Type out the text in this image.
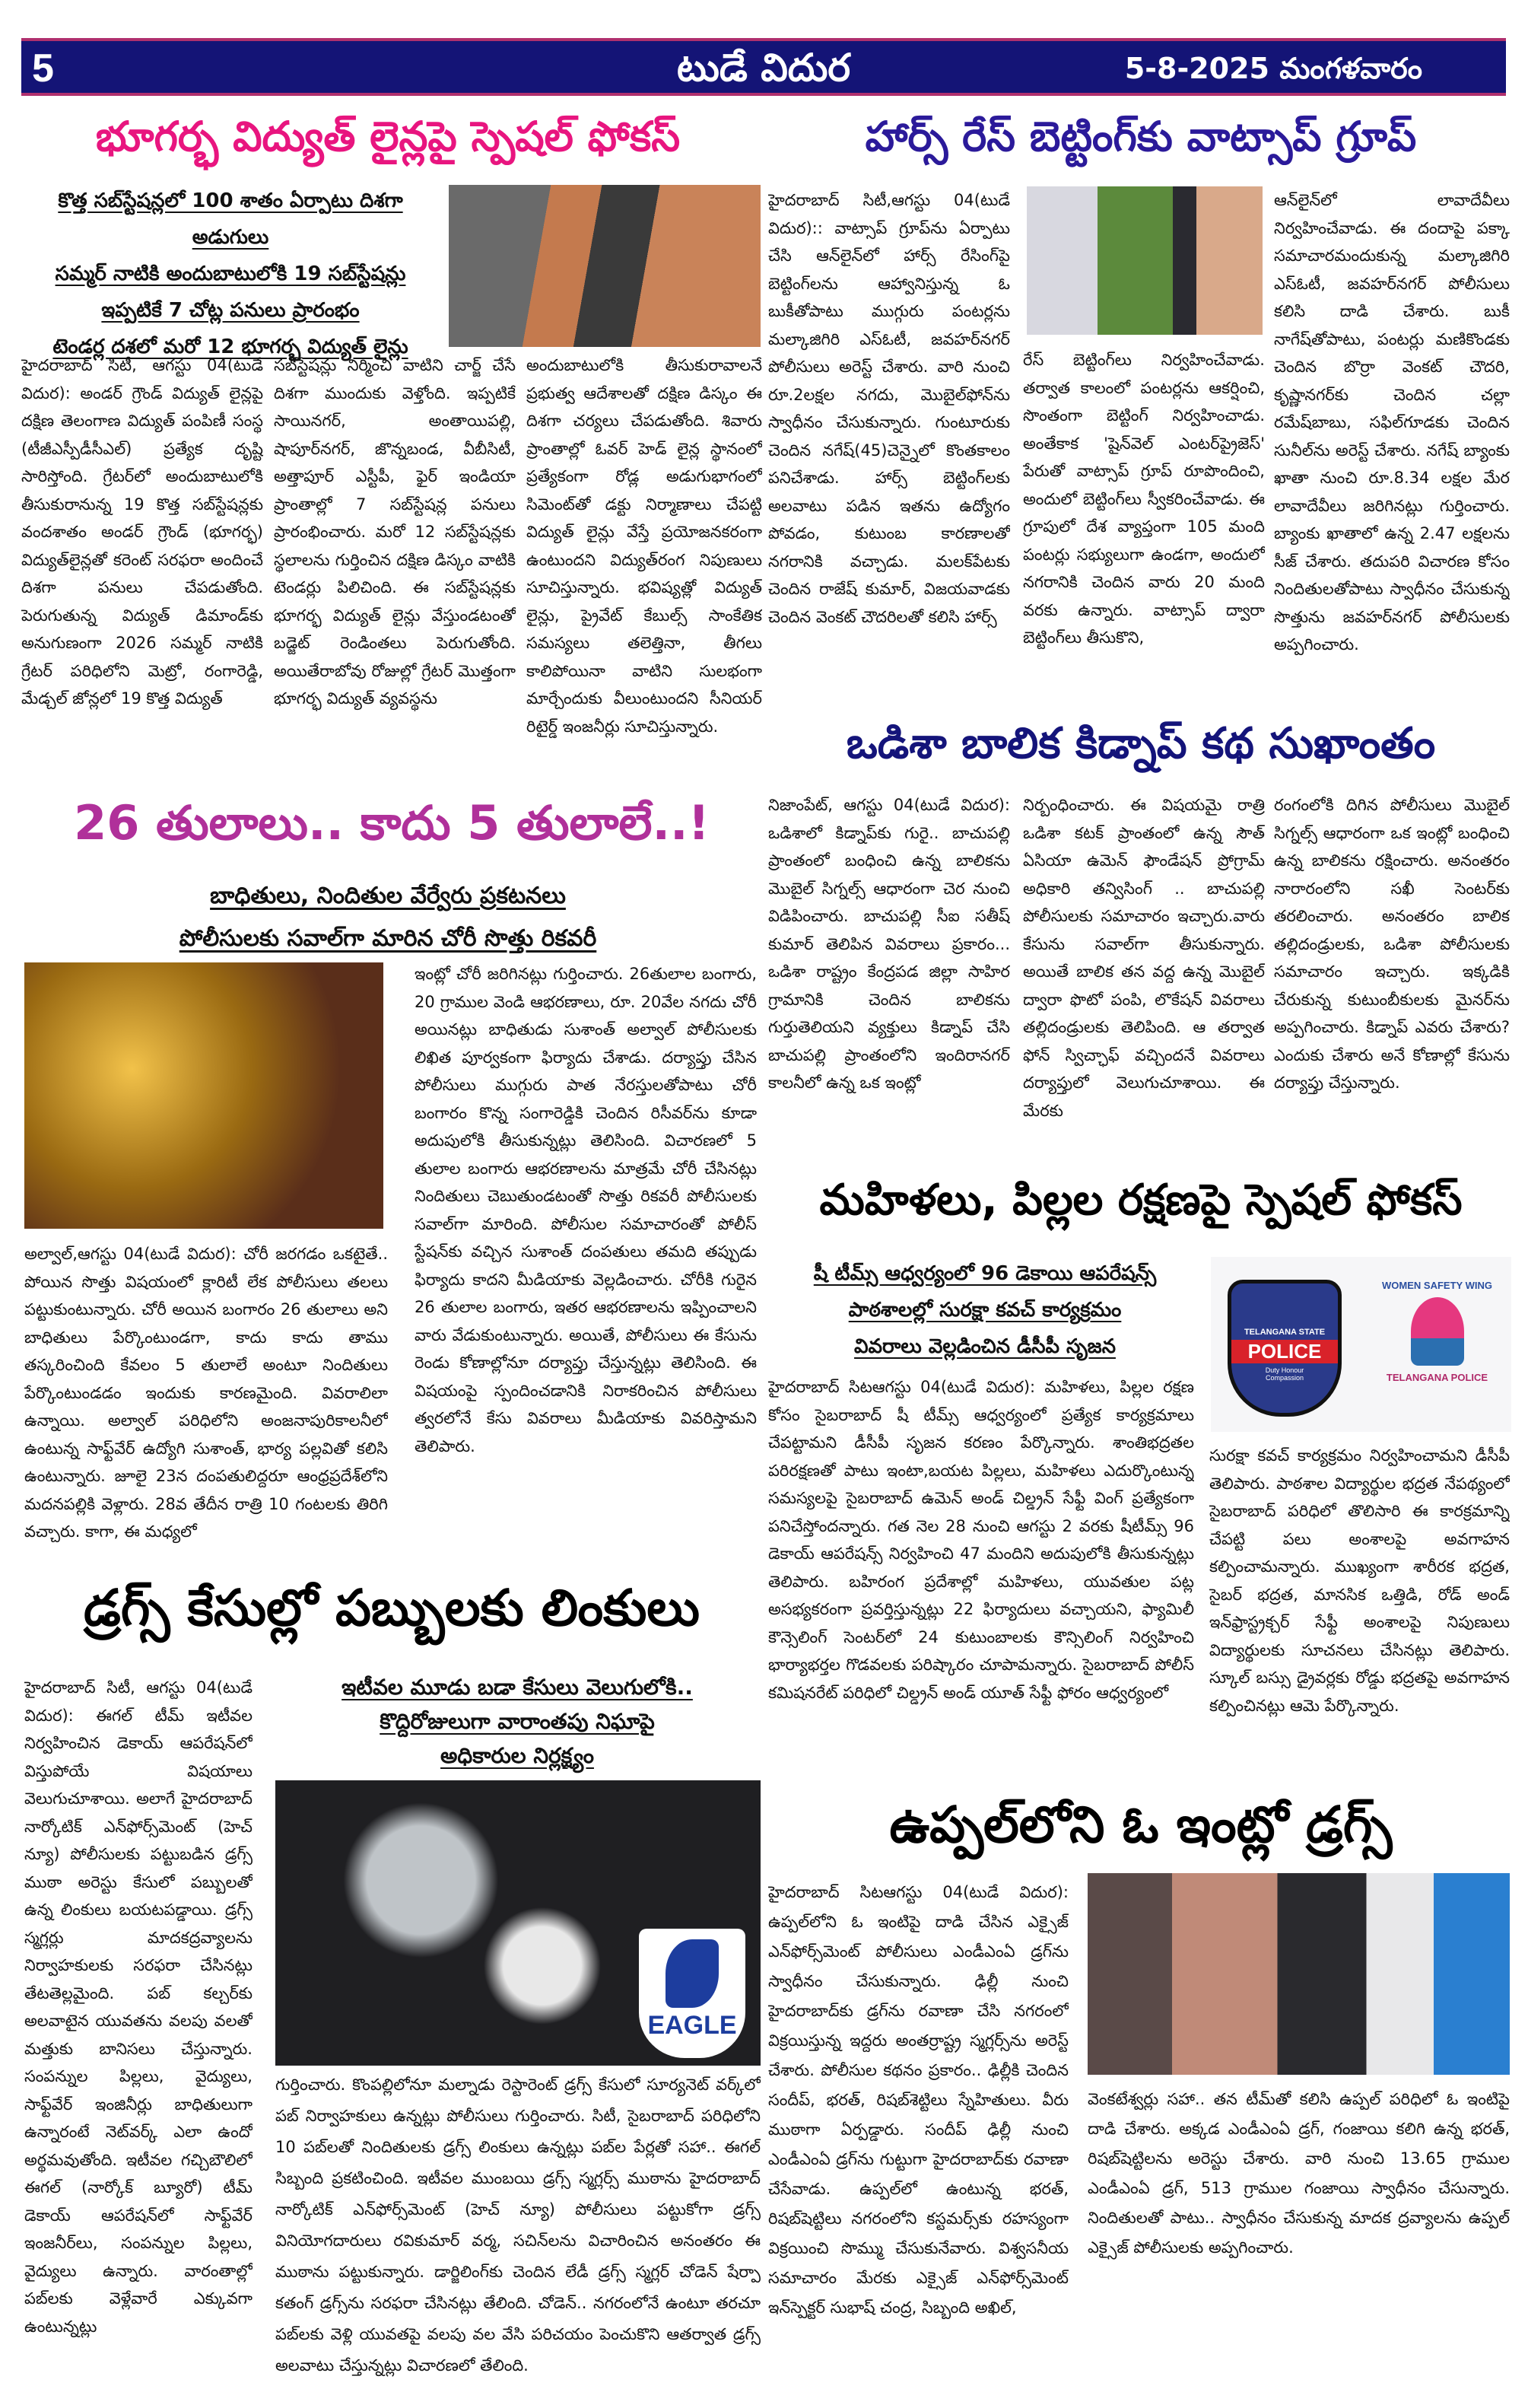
5	టుడే విదుర	5-8-2025 మంగళవారం
భూగర్భ విద్యుత్ లైన్లపై స్పెషల్ ఫోకస్
కొత్త సబ్‌స్టేషన్లలో 100 శాతం ఏర్పాటు దిశగా అడుగులు
సమ్మర్ నాటికి అందుబాటులోకి 19 సబ్‌స్టేషన్లు
ఇప్పటికే 7 చోట్ల పనులు ప్రారంభం
టెండర్ల దశలో మరో 12 భూగర్భ విద్యుత్ లైన్లు
హైదరాబాద్ సిటీ, ఆగస్టు 04(టుడే విదుర): అండర్ గ్రౌండ్ విద్యుత్ లైన్లపై దక్షిణ తెలంగాణ విద్యుత్ పంపిణీ సంస్థ (టీజీఎస్పీడీసీఎల్) ప్రత్యేక దృష్టి సారిస్తోంది. గ్రేటర్‌లో అందుబాటులోకి తీసుకురానున్న 19 కొత్త సబ్‌స్టేషన్లకు వందశాతం అండర్ గ్రౌండ్ (భూగర్భ) విద్యుత్‌లైన్లతో కరెంట్ సరఫరా అందించే దిశగా పనులు చేపడుతోంది. పెరుగుతున్న విద్యుత్ డిమాండ్‌కు అనుగుణంగా 2026 సమ్మర్ నాటికి గ్రేటర్ పరిధిలోని మెట్రో, రంగారెడ్డి, మేడ్చల్ జోన్లలో 19 కొత్త విద్యుత్
సబ్‌స్టేషన్లు నిర్మించి వాటిని చార్జ్ చేసే దిశగా ముందుకు వెళ్తోంది. ఇప్పటికే సాయినగర్, అంతాయిపల్లి, షాపూర్‌నగర్, జొన్నబండ, వీబీసిటీ, అత్తాపూర్ ఎస్టీపీ, ఫైర్ ఇండియా ప్రాంతాల్లో 7 సబ్‌స్టేషన్ల పనులు ప్రారంభించారు. మరో 12 సబ్‌స్టేషన్లకు స్థలాలను గుర్తించిన దక్షిణ డిస్కం వాటికి టెండర్లు పిలిచింది. ఈ సబ్‌స్టేషన్లకు భూగర్భ విద్యుత్ లైన్లు వేస్తుండటంతో బడ్జెట్ రెండింతలు పెరుగుతోంది. అయితేరాబోవు రోజుల్లో గ్రేటర్ మొత్తంగా భూగర్భ విద్యుత్ వ్యవస్థను
అందుబాటులోకి తీసుకురావాలనే ప్రభుత్వ ఆదేశాలతో దక్షిణ డిస్కం ఈ దిశగా చర్యలు చేపడుతోంది. శివారు ప్రాంతాల్లో ఓవర్ హెడ్ లైన్ల స్థానంలో ప్రత్యేకంగా రోడ్ల అడుగుభాగంలో సిమెంట్‌తో డక్టు నిర్మాణాలు చేపట్టి విద్యుత్ లైన్లు వేస్తే ప్రయోజనకరంగా ఉంటుందని విద్యుత్‌రంగ నిపుణులు సూచిస్తున్నారు. భవిష్యత్లో విద్యుత్ లైన్లు, ప్రైవేట్ కేబుల్స్ సాంకేతిక సమస్యలు తలెత్తినా, తీగలు కాలిపోయినా వాటిని సులభంగా మార్చేందుకు వీలుంటుందని సీనియర్ రిటైర్డ్ ఇంజనీర్లు సూచిస్తున్నారు.
హార్స్ రేస్ బెట్టింగ్‌కు వాట్సాప్ గ్రూప్
హైదరాబాద్ సిటీ,ఆగస్టు 04(టుడే విదుర):: వాట్సాప్ గ్రూప్‌ను ఏర్పాటు చేసి ఆన్‌లైన్‌లో హార్స్ రేసింగ్‌పై బెట్టింగ్‌లను ఆహ్వానిస్తున్న ఓ బుకీతోపాటు ముగ్గురు పంటర్లను మల్కాజిగిరి ఎస్ఓటీ, జవహర్‌నగర్ పోలీసులు అరెస్ట్ చేశారు. వారి నుంచి రూ.2లక్షల నగదు, మొబైల్‌ఫోన్‌ను స్వాధీనం చేసుకున్నారు. గుంటూరుకు చెందిన నగేష్(45)చెన్నైలో కొంతకాలం పనిచేశాడు. హార్స్ బెట్టింగ్‌లకు అలవాటు పడిన ఇతను ఉద్యోగం పోవడం, కుటుంబ కారణాలతో నగరానికి వచ్చాడు. మలక్‌పేటకు చెందిన రాజేష్ కుమార్, విజయవాడకు చెందిన వెంకట్ చౌదరిలతో కలిసి హార్స్
రేస్ బెట్టింగ్‌లు నిర్వహించేవాడు. తర్వాత కాలంలో పంటర్లను ఆకర్షించి, సొంతంగా బెట్టింగ్ నిర్వహించాడు. అంతేకాక 'షైన్‌వెల్ ఎంటర్‌ప్రైజెస్' పేరుతో వాట్సాప్ గ్రూప్ రూపొందించి, అందులో బెట్టింగ్‌లు స్వీకరించేవాడు. ఈ గ్రూపులో దేశ వ్యాప్తంగా 105 మంది పంటర్లు సభ్యులుగా ఉండగా, అందులో నగరానికి చెందిన వారు 20 మంది వరకు ఉన్నారు. వాట్సాప్ ద్వారా బెట్టింగ్‌లు తీసుకొని,
ఆన్‌లైన్‌లో లావాదేవీలు నిర్వహించేవాడు. ఈ దందాపై పక్కా సమాచారమందుకున్న మల్కాజిగిరి ఎస్ఓటీ, జవహర్‌నగర్ పోలీసులు కలిసి దాడి చేశారు. బుకీ నాగేష్‌తోపాటు, పంటర్లు మణికొండకు చెందిన బొర్రా వెంకట్ చౌదరి, కృష్ణానగర్‌కు చెందిన చల్లా రమేష్‌బాబు, సఫిల్‌గూడకు చెందిన సునీల్‌ను అరెస్ట్ చేశారు. నగేష్ బ్యాంకు ఖాతా నుంచి రూ.8.34 లక్షల మేర లావాదేవీలు జరిగినట్లు గుర్తించారు. బ్యాంకు ఖాతాలో ఉన్న 2.47 లక్షలను సీజ్ చేశారు. తదుపరి విచారణ కోసం నిందితులతోపాటు స్వాధీనం చేసుకున్న సొత్తును జవహర్‌నగర్ పోలీసులకు అప్పగించారు.
ఒడిశా బాలిక కిడ్నాప్ కథ సుఖాంతం
నిజాంపేట్, ఆగస్టు 04(టుడే విదుర): ఒడిశాలో కిడ్నాప్‌కు గురై.. బాచుపల్లి ప్రాంతంలో బంధించి ఉన్న బాలికను మొబైల్ సిగ్నల్స్ ఆధారంగా చెర నుంచి విడిపించారు. బాచుపల్లి సీఐ సతీష్ కుమార్ తెలిపిన వివరాలు ప్రకారం... ఒడిశా రాష్ట్రం కేంద్రపడ జిల్లా సాహిర గ్రామానికి చెందిన బాలికను గుర్తుతెలియని వ్యక్తులు కిడ్నాప్ చేసి బాచుపల్లి ప్రాంతంలోని ఇందిరానగర్ కాలనీలో ఉన్న ఒక ఇంట్లో
నిర్బంధించారు. ఈ విషయమై రాత్రి ఒడిశా కటక్ ప్రాంతంలో ఉన్న సౌత్ ఏసియా ఉమెన్ ఫౌండేషన్ ప్రోగ్రామ్ అధికారి తన్విసింగ్ .. బాచుపల్లి పోలీసులకు సమాచారం ఇచ్చారు.వారు కేసును సవాల్‌గా తీసుకున్నారు. అయితే బాలిక తన వద్ద ఉన్న మొబైల్ ద్వారా ఫొటో పంపి, లొకేషన్ వివరాలు తల్లిదండ్రులకు తెలిపింది. ఆ తర్వాత ఫోన్ స్విచ్ఛాఫ్ వచ్చిందనే వివరాలు దర్యాప్తులో వెలుగుచూశాయి. ఈ మేరకు
రంగంలోకి దిగిన పోలీసులు మొబైల్ సిగ్నల్స్ ఆధారంగా ఒక ఇంట్లో బంధించి ఉన్న బాలికను రక్షించారు. అనంతరం నారారంలోని సఖీ సెంటర్‌కు తరలించారు. అనంతరం బాలిక తల్లిదండ్రులకు, ఒడిశా పోలీసులకు సమాచారం ఇచ్చారు. ఇక్కడికి చేరుకున్న కుటుంబీకులకు మైనర్‌ను అప్పగించారు. కిడ్నాప్ ఎవరు చేశారు? ఎందుకు చేశారు అనే కోణాల్లో కేసును దర్యాప్తు చేస్తున్నారు.
26 తులాలు.. కాదు 5 తులాలే..!
బాధితులు, నిందితుల వేర్వేరు ప్రకటనలు
పోలీసులకు సవాల్‌గా మారిన చోరీ సొత్తు రికవరీ
అల్వాల్,ఆగస్టు 04(టుడే విదుర): చోరీ జరగడం ఒకటైతే.. పోయిన సొత్తు విషయంలో క్లారిటీ లేక పోలీసులు తలలు పట్టుకుంటున్నారు. చోరీ అయిన బంగారం 26 తులాలు అని బాధితులు పేర్కొంటుండగా, కాదు కాదు తాము తస్కరించింది కేవలం 5 తులాలే అంటూ నిందితులు పేర్కొంటుండడం ఇందుకు కారణమైంది. వివరాలిలా ఉన్నాయి. అల్వాల్ పరిధిలోని అంజనాపురికాలనీలో ఉంటున్న సాఫ్ట్‌వేర్ ఉద్యోగి సుశాంత్, భార్య పల్లవితో కలిసి ఉంటున్నారు. జూలై 23న దంపతులిద్దరూ ఆంధ్రప్రదేశ్‌లోని మదనపల్లికి వెళ్లారు. 28వ తేదీన రాత్రి 10 గంటలకు తిరిగి వచ్చారు. కాగా, ఈ మధ్యలో
ఇంట్లో చోరీ జరిగినట్లు గుర్తించారు. 26తులాల బంగారు, 20 గ్రాముల వెండి ఆభరణాలు, రూ. 20వేల నగదు చోరీ అయినట్లు బాధితుడు సుశాంత్ అల్వాల్ పోలీసులకు లిఖిత పూర్వకంగా ఫిర్యాదు చేశాడు. దర్యాప్తు చేసిన పోలీసులు ముగ్గురు పాత నేరస్తులతోపాటు చోరీ బంగారం కొన్న సంగారెడ్డికి చెందిన రిసీవర్‌ను కూడా అదుపులోకి తీసుకున్నట్లు తెలిసింది. విచారణలో 5 తులాల బంగారు ఆభరణాలను మాత్రమే చోరీ చేసినట్లు నిందితులు చెబుతుండటంతో సొత్తు రికవరీ పోలీసులకు సవాల్‌గా మారింది. పోలీసుల సమాచారంతో పోలీస్ స్టేషన్‌కు వచ్చిన సుశాంత్ దంపతులు తమది తప్పుడు ఫిర్యాదు కాదని మీడియాకు వెల్లడించారు. చోరీకి గురైన 26 తులాల బంగారు, ఇతర ఆభరణాలను ఇప్పించాలని వారు వేడుకుంటున్నారు. అయితే, పోలీసులు ఈ కేసును రెండు కోణాల్లోనూ దర్యాప్తు చేస్తున్నట్లు తెలిసింది. ఈ విషయంపై స్పందించడానికి నిరాకరించిన పోలీసులు త్వరలోనే కేసు వివరాలు మీడియాకు వివరిస్తామని తెలిపారు.
మహిళలు, పిల్లల రక్షణపై స్పెషల్ ఫోకస్
షీ టీమ్స్ ఆధ్వర్యంలో 96 డెకాయి ఆపరేషన్స్
పాఠశాలల్లో సురక్షా కవచ్ కార్యక్రమం
వివరాలు వెల్లడించిన డీసీపీ సృజన
TELANGANA STATE
POLICE
Duty Honour Compassion
WOMEN SAFETY WING
TELANGANA POLICE
హైదరాబాద్ సిటఆగస్టు 04(టుడే విదుర): మహిళలు, పిల్లల రక్షణ కోసం సైబరాబాద్ షీ టీమ్స్ ఆధ్వర్యంలో ప్రత్యేక కార్యక్రమాలు చేపట్టామని డీసీపీ సృజన కరణం పేర్కొన్నారు. శాంతిభద్రతల పరిరక్షణతో పాటు ఇంటా,బయట పిల్లలు, మహిళలు ఎదుర్కొంటున్న సమస్యలపై సైబరాబాద్ ఉమెన్ అండ్ చిల్డ్రన్ సేఫ్టీ వింగ్ ప్రత్యేకంగా పనిచేస్తోందన్నారు. గత నెల 28 నుంచి ఆగస్టు 2 వరకు షీటీమ్స్ 96 డెకాయ్ ఆపరేషన్స్ నిర్వహించి 47 మందిని అదుపులోకి తీసుకున్నట్లు తెలిపారు. బహిరంగ ప్రదేశాల్లో మహిళలు, యువతుల పట్ల అసభ్యకరంగా ప్రవర్తిస్తున్నట్లు 22 ఫిర్యాదులు వచ్చాయని, ఫ్యామిలీ కౌన్సెలింగ్ సెంటర్‌లో 24 కుటుంబాలకు కౌన్సిలింగ్ నిర్వహించి భార్యాభర్తల గొడవలకు పరిష్కారం చూపామన్నారు. సైబరాబాద్ పోలీస్ కమిషనరేట్ పరిధిలో చిల్డ్రన్ అండ్ యూత్ సేఫ్టీ ఫోరం ఆధ్వర్యంలో
సురక్షా కవచ్ కార్యక్రమం నిర్వహించామని డీసీపీ తెలిపారు. పాఠశాల విద్యార్థుల భద్రత నేపథ్యంలో సైబరాబాద్ పరిధిలో తొలిసారి ఈ కారక్రమాన్ని చేపట్టి పలు అంశాలపై అవగాహన కల్పించామన్నారు. ముఖ్యంగా శారీరక భద్రత, సైబర్ భద్రత, మానసిక ఒత్తిడి, రోడ్ అండ్ ఇన్‌ఫ్రాస్ట్రక్చర్ సేఫ్టీ అంశాలపై నిపుణులు విద్యార్థులకు సూచనలు చేసినట్లు తెలిపారు. స్కూల్ బస్సు డ్రైవర్లకు రోడ్డు భద్రతపై అవగాహన కల్పించినట్లు ఆమె పేర్కొన్నారు.
డ్రగ్స్ కేసుల్లో పబ్బులకు లింకులు
హైదరాబాద్ సిటీ, ఆగస్టు 04(టుడే విదుర): ఈగల్ టీమ్ ఇటీవల నిర్వహించిన డెకాయ్ ఆపరేషన్‌లో విస్తుపోయే విషయాలు వెలుగుచూశాయి. అలాగే హైదరాబాద్ నార్కోటిక్ ఎన్‌ఫోర్స్‌మెంట్ (హెచ్ న్యూ) పోలీసులకు పట్టుబడిన డ్రగ్స్ ముఠా అరెస్టు కేసులో పబ్బులతో ఉన్న లింకులు బయటపడ్డాయి. డ్రగ్స్ స్మగ్లర్లు మాదకద్రవ్యాలను నిర్వాహకులకు సరఫరా చేసినట్లు తేటతెల్లమైంది. పబ్ కల్చర్‌కు అలవాటైన యువతను వలపు వలతో మత్తుకు బానిసలు చేస్తున్నారు. సంపన్నుల పిల్లలు, వైద్యులు, సాఫ్ట్‌వేర్ ఇంజినీర్లు బాధితులుగా ఉన్నారంటే నెట్‌వర్క్ ఎలా ఉందో అర్థమవుతోంది. ఇటీవల గచ్చిబౌలిలో ఈగల్ (నార్కోక్ బ్యూరో) టీమ్ డెకాయ్ ఆపరేషన్‌లో సాఫ్ట్‌వేర్ ఇంజనీర్‌లు, సంపన్నుల పిల్లలు, వైద్యులు ఉన్నారు. వారంతాల్లో పబ్‌లకు వెళ్లేవారే ఎక్కువగా ఉంటున్నట్లు
ఇటీవల మూడు బడా కేసులు వెలుగులోకి..
కొద్దిరోజులుగా వారాంతపు నిఘాపై
అధికారుల నిర్లక్ష్యం
EAGLE
గుర్తించారు. కొంపల్లిలోనూ మల్నాడు రెస్టారెంట్ డ్రగ్స్ కేసులో సూర్యనెట్ వర్క్‌లో పబ్ నిర్వాహకులు ఉన్నట్లు పోలీసులు గుర్తించారు. సిటీ, సైబరాబాద్ పరిధిలోని 10 పబ్‌లతో నిందితులకు డ్రగ్స్ లింకులు ఉన్నట్లు పబ్‌ల పేర్లతో సహా.. ఈగల్ సిబ్బంది ప్రకటించింది. ఇటీవల ముంబయి డ్రగ్స్ స్మగ్లర్స్ ముఠాను హైదరాబాద్ నార్కోటిక్ ఎన్‌ఫోర్స్‌మెంట్ (హెచ్ న్యూ) పోలీసులు పట్టుకోగా డ్రగ్స్ వినియోగదారులు రవికుమార్ వర్మ, సచిన్‌లను విచారించిన అనంతరం ఈ ముఠాను పట్టుకున్నారు. డార్జిలింగ్‌కు చెందిన లేడీ డ్రగ్స్ స్మగ్లర్ చోడెన్ షేర్పా కతంగ్ డ్రగ్స్‌ను సరఫరా చేసినట్లు తేలింది. చోడెన్.. నగరంలోనే ఉంటూ తరచూ పబ్‌లకు వెళ్లి యువతపై వలపు వల వేసి పరిచయం పెంచుకొని ఆతర్వాత డ్రగ్స్ అలవాటు చేస్తున్నట్లు విచారణలో తేలింది.
ఉప్పల్‌లోని ఓ ఇంట్లో డ్రగ్స్
హైదరాబాద్ సిటఆగస్టు 04(టుడే విదుర): ఉప్పల్‌లోని ఓ ఇంటిపై దాడి చేసిన ఎక్సైజ్ ఎన్‌ఫోర్స్‌మెంట్ పోలీసులు ఎండీఎంఏ డ్రగ్‌ను స్వాధీనం చేసుకున్నారు. ఢిల్లీ నుంచి హైదరాబాద్‌కు డ్రగ్‌ను రవాణా చేసి నగరంలో విక్రయిస్తున్న ఇద్దరు అంతర్రాష్ట్ర స్మగ్లర్స్‌ను అరెస్ట్ చేశారు. పోలీసుల కథనం ప్రకారం.. ఢిల్లీకి చెందిన సందీప్, భరత్, రిషబ్‌శెట్టిలు స్నేహితులు. వీరు ముఠాగా ఏర్పడ్డారు. సందీప్ ఢిల్లీ నుంచి ఎండీఎంఏ డ్రగ్‌ను గుట్టుగా హైదరాబాద్‌కు రవాణా చేసేవాడు. ఉప్పల్‌లో ఉంటున్న భరత్, రిషబ్‌షెట్టిలు నగరంలోని కస్టమర్స్‌కు రహస్యంగా విక్రయించి సొమ్ము చేసుకునేవారు. విశ్వసనీయ సమాచారం మేరకు ఎక్సైజ్ ఎన్‌ఫోర్స్‌మెంట్ ఇన్‌స్పెక్టర్ సుభాష్ చంద్ర, సిబ్బంది అఖిల్,
వెంకటేశ్వర్లు సహా.. తన టీమ్‌తో కలిసి ఉప్పల్ పరిధిలో ఓ ఇంటిపై దాడి చేశారు. అక్కడ ఎండీఎంఏ డ్రగ్, గంజాయి కలిగి ఉన్న భరత్, రిషబ్‌షెట్టిలను అరెస్టు చేశారు. వారి నుంచి 13.65 గ్రాముల ఎండీఎంఏ డ్రగ్, 513 గ్రాముల గంజాయి స్వాధీనం చేసున్నారు. నిందితులతో పాటు.. స్వాధీనం చేసుకున్న మాదక ద్రవ్యాలను ఉప్పల్ ఎక్సైజ్ పోలీసులకు అప్పగించారు.
